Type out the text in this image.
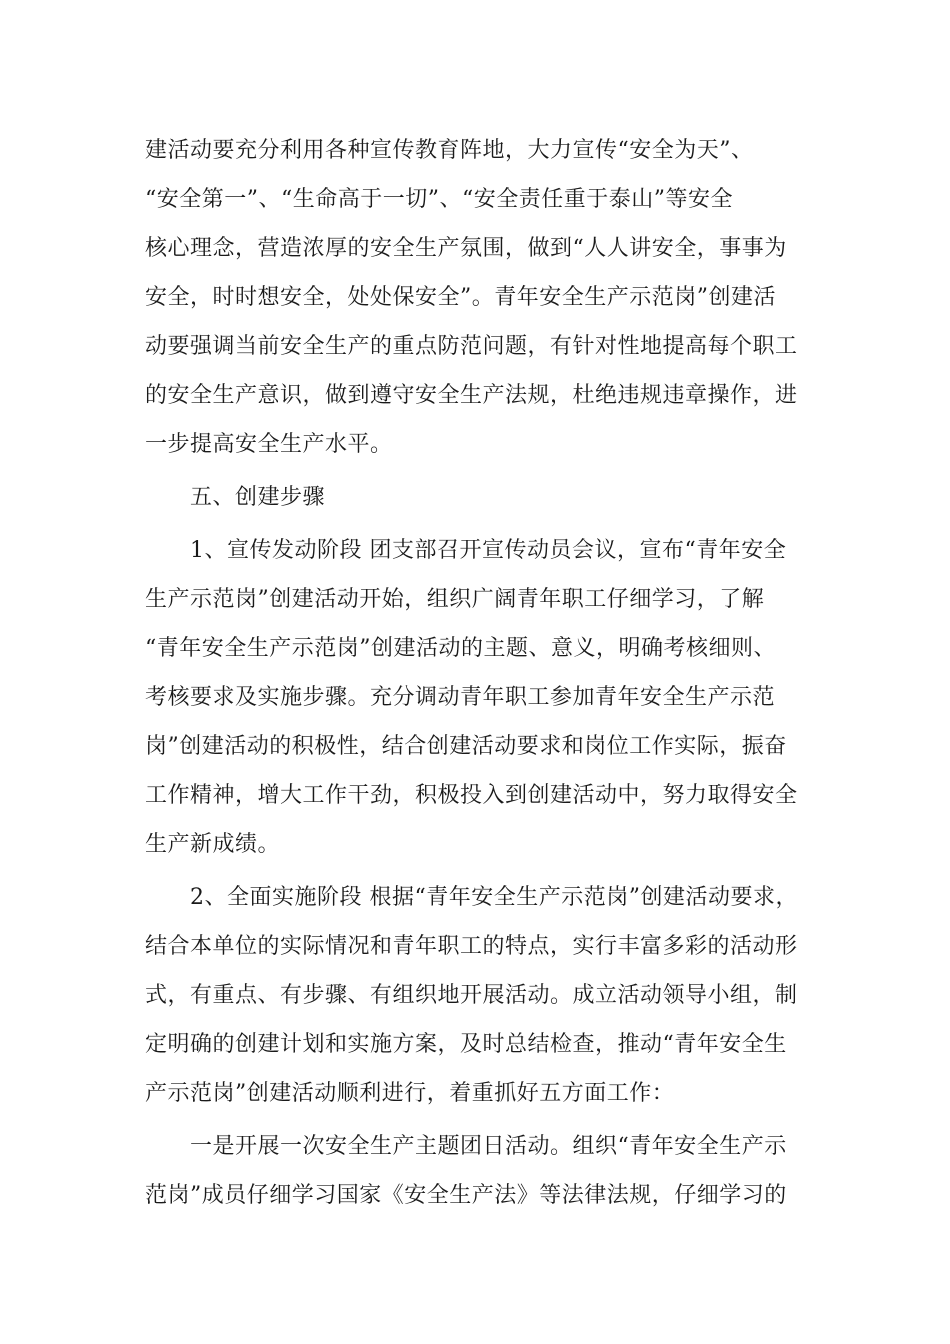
建活动要充分利用各种宣传教育阵地，大力宣传“安全为天”、
“安全第一”、“生命高于一切”、“安全责任重于泰山”等安全
核心理念，营造浓厚的安全生产氛围，做到“人人讲安全，事事为
安全，时时想安全，处处保安全”。青年安全生产示范岗”创建活
动要强调当前安全生产的重点防范问题，有针对性地提高每个职工
的安全生产意识，做到遵守安全生产法规，杜绝违规违章操作，进
一步提高安全生产水平。
五、创建步骤
1、宣传发动阶段 团支部召开宣传动员会议，宣布“青年安全
生产示范岗”创建活动开始，组织广阔青年职工仔细学习，了解
“青年安全生产示范岗”创建活动的主题、意义，明确考核细则、
考核要求及实施步骤。充分调动青年职工参加青年安全生产示范
岗”创建活动的积极性，结合创建活动要求和岗位工作实际，振奋
工作精神，增大工作干劲，积极投入到创建活动中，努力取得安全
生产新成绩。
2、全面实施阶段 根据“青年安全生产示范岗”创建活动要求，
结合本单位的实际情况和青年职工的特点，实行丰富多彩的活动形
式，有重点、有步骤、有组织地开展活动。成立活动领导小组，制
定明确的创建计划和实施方案，及时总结检查，推动“青年安全生
产示范岗”创建活动顺利进行，着重抓好五方面工作：
一是开展一次安全生产主题团日活动。组织“青年安全生产示
范岗”成员仔细学习国家《安全生产法》等法律法规，仔细学习的
